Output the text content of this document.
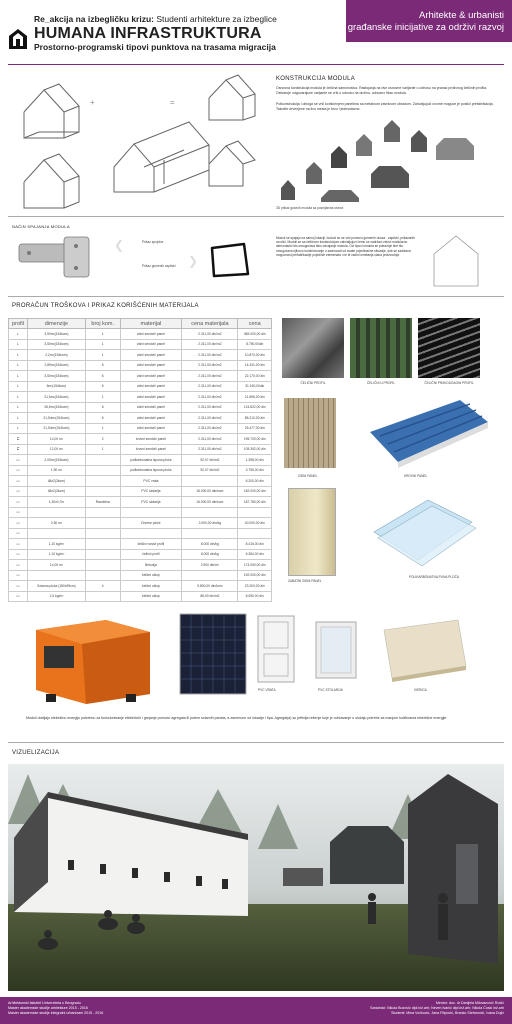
Re_akcija na izbegličku krizu: Studenti arhitekture za izbeglice
HUMANA INFRASTRUKTURA
Prostorno-programski tipovi punktova na trasama migracija
Arhitekte & urbanisti
i građanske inicijative za održivi razvoj
+	=
KONSTRUKCIJA MODULA
Osnovna konstrukcija modula je čelična samonosiva. Rastojanja na dve osnovne varijante u odnosu na pranac protivnog čeličnih profila. Ostvaruje odgovarajuće varijante se vrši u odnosu na dužinu, odnosno fiksu modula.
Potkonstrukcija i obloga se vrši korišćenjem panelima sa metalnom završnom obradom. Zahvaljujući ovome moguće je postići prefabrikacija. Također drvenjene na licu mesta je brzo i jednostavno.
3D prikaz gotovih modula sa posmjanina otvora
NAČIN SPAJANJA MODULA
❮	Prikaz spojnice
Prikaz gumenih zaptivki ❯
Moduli se spajaju na samoj lokaciji, budući su se vrši pomoću gumenih ukosa - zaptivki, prikazanih na slici. Moduli se sa čeličnom konstrukcijom zahvaljujući čemu se zadržavi zidovi modularno demontažni što omogućava lako odvajanje modula. Ovi tipovi modula se potražnje šire što omogućava njihovo kombinovanje u zavisnosti od svake pojedinačne situacije, dok se zadržava mogućnost prefabrikacije pojedinih elemenata i ne bi načini ometanja ciana proizvodnje.
PRORAČUN TROŠKOVA I PRIKAZ KORIŠĆENIH MATERIJALA
profil	dimenzije	broj kom.	materijal	cena materijala	cena
L	3,50m²(154kom)	1	zidni sendvič panel	2.311,00 din/m2	365.000,00 din
L	3,50m²(154kom)	1	zidni sendvič panel	2.311,00 din/m2	8.750,00din
L	2,2m²(154kom)	1	zidni sendvič panel	2.311,00 din/m2	10.870,00 din
L	2,89m²(154kom)	6	zidni sendvič panel	2.311,00 din/m2	14.431,00 din
L	3,50m²(154kom)	6	zidni sendvič panel	2.311,00 din/m2	22.170,00 din
L	6m²(154kom)	6	zidni sendvič panel	2.311,00 din/m2	31.160,00din
L	21,6m²(154kom)	1	zidni sendvič panel	2.311,00 din/m2	21.896,00 din
L	26,6m²(154kom)	6	zidni sendvič panel	2.311,00 din/m2	124.822,00 din
L	21,54m²(154kom)	6	zidni sendvič panel	2.311,00 din/m2	85.210,00 din
L	21,54m²(154kom)	1	zidni sendvič panel	2.311,00 din/m2	25.477,00 din
⊏	14,00 m²	2	krovni sendvič panel	2.311,00 din/m2	195.700,00 din
⊏	12,00 m²	1	krovni sendvič panel	2.311,00 din/m2	105.392,00 din
▭	2,00m²(154kom)		polikarbonatna ispuna ploča	92,07 din/m2	1.398,00 din
▭	1,90 m²		polikarbonatna ispuna ploča	92,07 din/m2	3.750,00 din
▭	48x2(2kom)		PVC vrata		6.200,00 din
▭	48x2(2kom)		PVC stolarija	16.000,00 din/kom	182.000,00 din
▭	1,30x0,7m	Razdelna	PVC stolarija	16.000,00 din/kom	187.780,00 din
▭					
▭	2,50 m²		Drvene ploče	2.000,00 din/kg	40.000,00 din
▭					
▭	1,10 kg/m²		čelični nosivi profil	8.000 din/kg	8.416,00 din
▭	1,10 kg/m²		čelični profil	8.000 din/kg	6.384,00 din
▭	14,00 m²		Betonija	2.900 din/m³	174.000,00 din
▭			čelični uklop		192.000,00 din
▭	Solarna ploča (180x99cm)	4	čelični uklop	5.800,00 din/kom	23.200,00 din
▭	1,5 kg/m²		čelični uklop	88,00 din/m2	8.050,00 din
ČELIČNI PROFIL	ČELIČNI U PROFIL	ČELIČNI PRAVOUGAONI PROFIL
ZIDNI PANEL	KROVNI PANEL
ZABATNI ZIDNI PANEL
POLIKARBONATNA PUNA PLOČA
PVC VRATA	PVC STOLARIJA	IVERICA
Moduli dobijaju električnu energiju potrebnu za funkcionisanje električnih i grejanje pomoću agregata ili putem solarnih panela, a zamenom od lokacije i tipa. Agregat(a) su jeftinija rešenje koje je održavanje u služaju potrebe za manjom količinama električne energije.
VIZUELIZACIJA
Arhitektonski fakultet Univerziteta u Beogradu
Master akademske studije arhitekture 2015 - 2016
Master akademske studije integralni urbanizam 2015 - 2016
Mentor: doc. dr Danijela Milovanović Rodić
Saradnici: Nikola Bozović dipl.inž.arh; Neven Ivanić dipl.inž.arh; Nikola Ćosić inž.arh
Studenti: Mina Vučković, Jana Filipović, Branko Stefanović, Ivana Dujić
